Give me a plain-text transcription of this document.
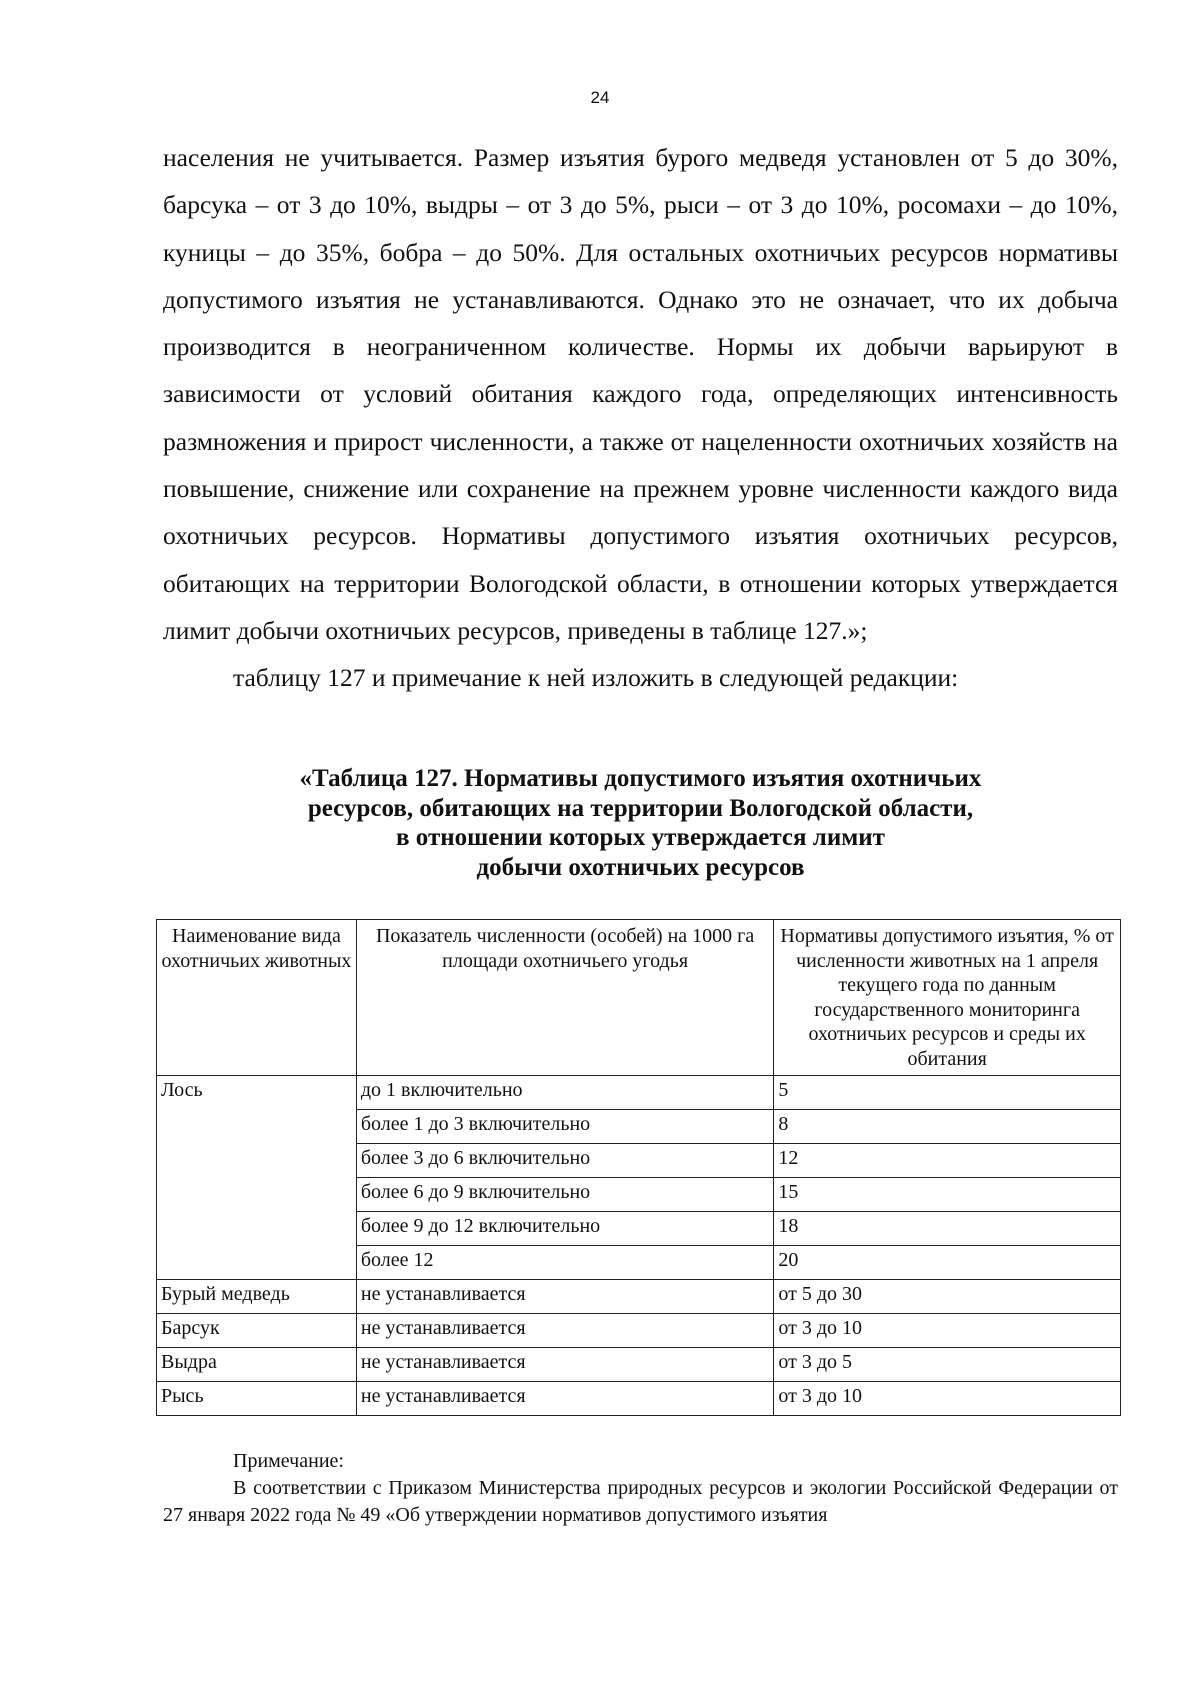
24

населения не учитывается. Размер изъятия бурого медведя установлен от 5 до 30%, барсука – от 3 до 10%, выдры – от 3 до 5%, рыси – от 3 до 10%, росомахи – до 10%, куницы – до 35%, бобра – до 50%. Для остальных охотничьих ресурсов нормативы допустимого изъятия не устанавливаются. Однако это не означает, что их добыча производится в неограниченном количестве. Нормы их добычи варьируют в зависимости от условий обитания каждого года, определяющих интенсивность размножения и прирост численности, а также от нацеленности охотничьих хозяйств на повышение, снижение или сохранение на прежнем уровне численности каждого вида охотничьих ресурсов. Нормативы допустимого изъятия охотничьих ресурсов, обитающих на территории Вологодской области, в отношении которых утверждается лимит добычи охотничьих ресурсов, приведены в таблице 127.»;

таблицу 127 и примечание к ней изложить в следующей редакции:

«Таблица 127. Нормативы допустимого изъятия охотничьих
ресурсов, обитающих на территории Вологодской области,
в отношении которых утверждается лимит
добычи охотничьих ресурсов
Наименование вида охотничьих животных	Показатель численности (особей) на 1000 га площади охотничьего угодья	Нормативы допустимого изъятия, % от численности животных на 1 апреля текущего года по данным государственного мониторинга охотничьих ресурсов и среды их обитания
Лось	до 1 включительно	5
	более 1 до 3 включительно	8
	более 3 до 6 включительно	12
	более 6 до 9 включительно	15
	более 9 до 12 включительно	18
	более 12	20
Бурый медведь	не устанавливается	от 5 до 30
Барсук	не устанавливается	от 3 до 10
Выдра	не устанавливается	от 3 до 5
Рысь	не устанавливается	от 3 до 10

Примечание:

В соответствии с Приказом Министерства природных ресурсов и экологии Российской Федерации от 27 января 2022 года № 49 «Об утверждении нормативов допустимого изъятия
